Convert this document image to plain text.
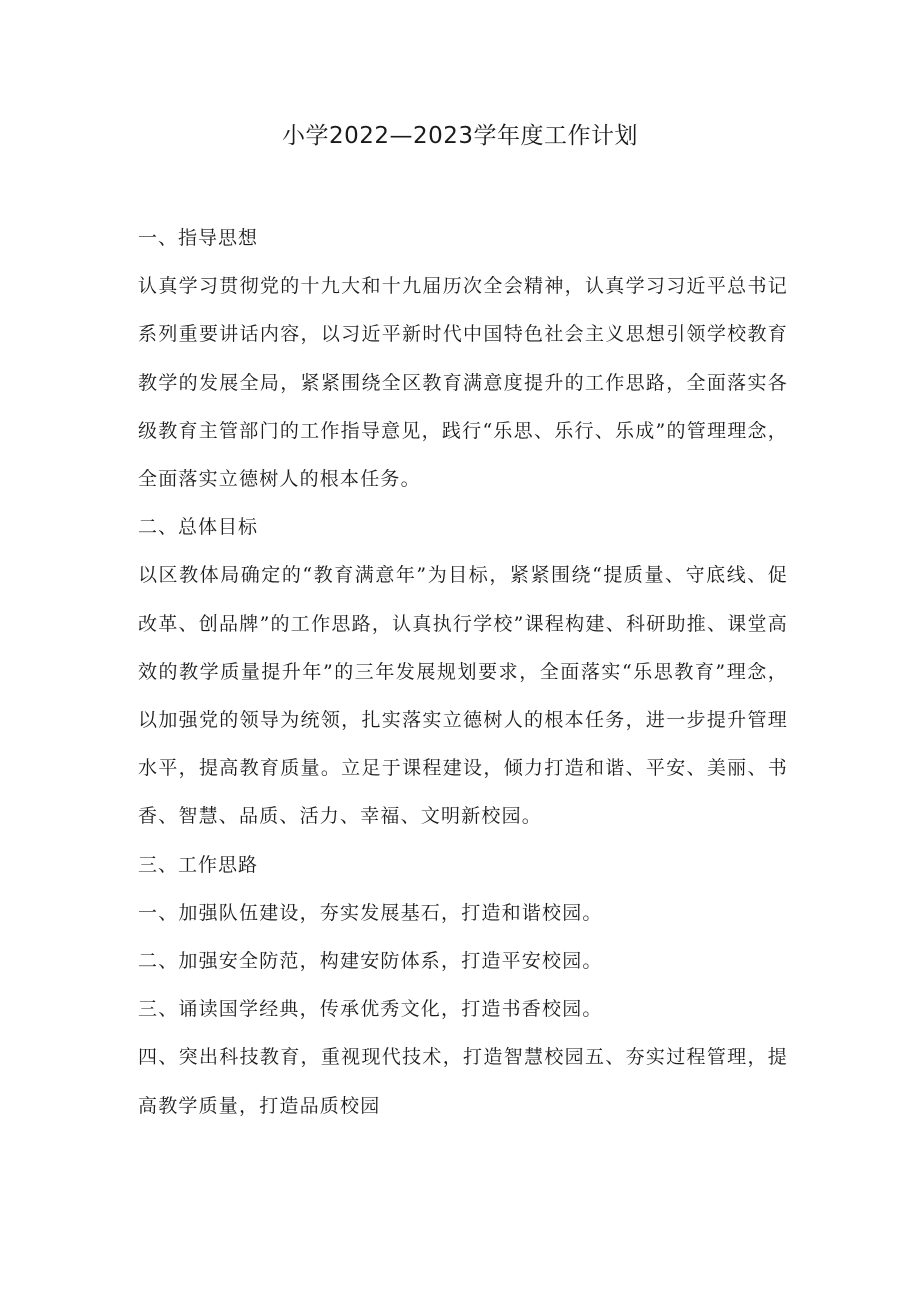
小学2022—2023学年度工作计划

一、指导思想

认真学习贯彻党的十九大和十九届历次全会精神，认真学习习近平总书记系列重要讲话内容，以习近平新时代中国特色社会主义思想引领学校教育教学的发展全局，紧紧围绕全区教育满意度提升的工作思路，全面落实各级教育主管部门的工作指导意见，践行“乐思、乐行、乐成”的管理理念，全面落实立德树人的根本任务。

二、总体目标

以区教体局确定的“教育满意年”为目标，紧紧围绕“提质量、守底线、促改革、创品牌”的工作思路，认真执行学校”课程构建、科研助推、课堂高效的教学质量提升年”的三年发展规划要求，全面落实“乐思教育”理念，以加强党的领导为统领，扎实落实立德树人的根本任务，进一步提升管理水平，提高教育质量。立足于课程建设，倾力打造和谐、平安、美丽、书香、智慧、品质、活力、幸福、文明新校园。

三、工作思路

一、加强队伍建设，夯实发展基石，打造和谐校园。

二、加强安全防范，构建安防体系，打造平安校园。

三、诵读国学经典，传承优秀文化，打造书香校园。

四、突出科技教育，重视现代技术，打造智慧校园五、夯实过程管理，提高教学质量，打造品质校园
